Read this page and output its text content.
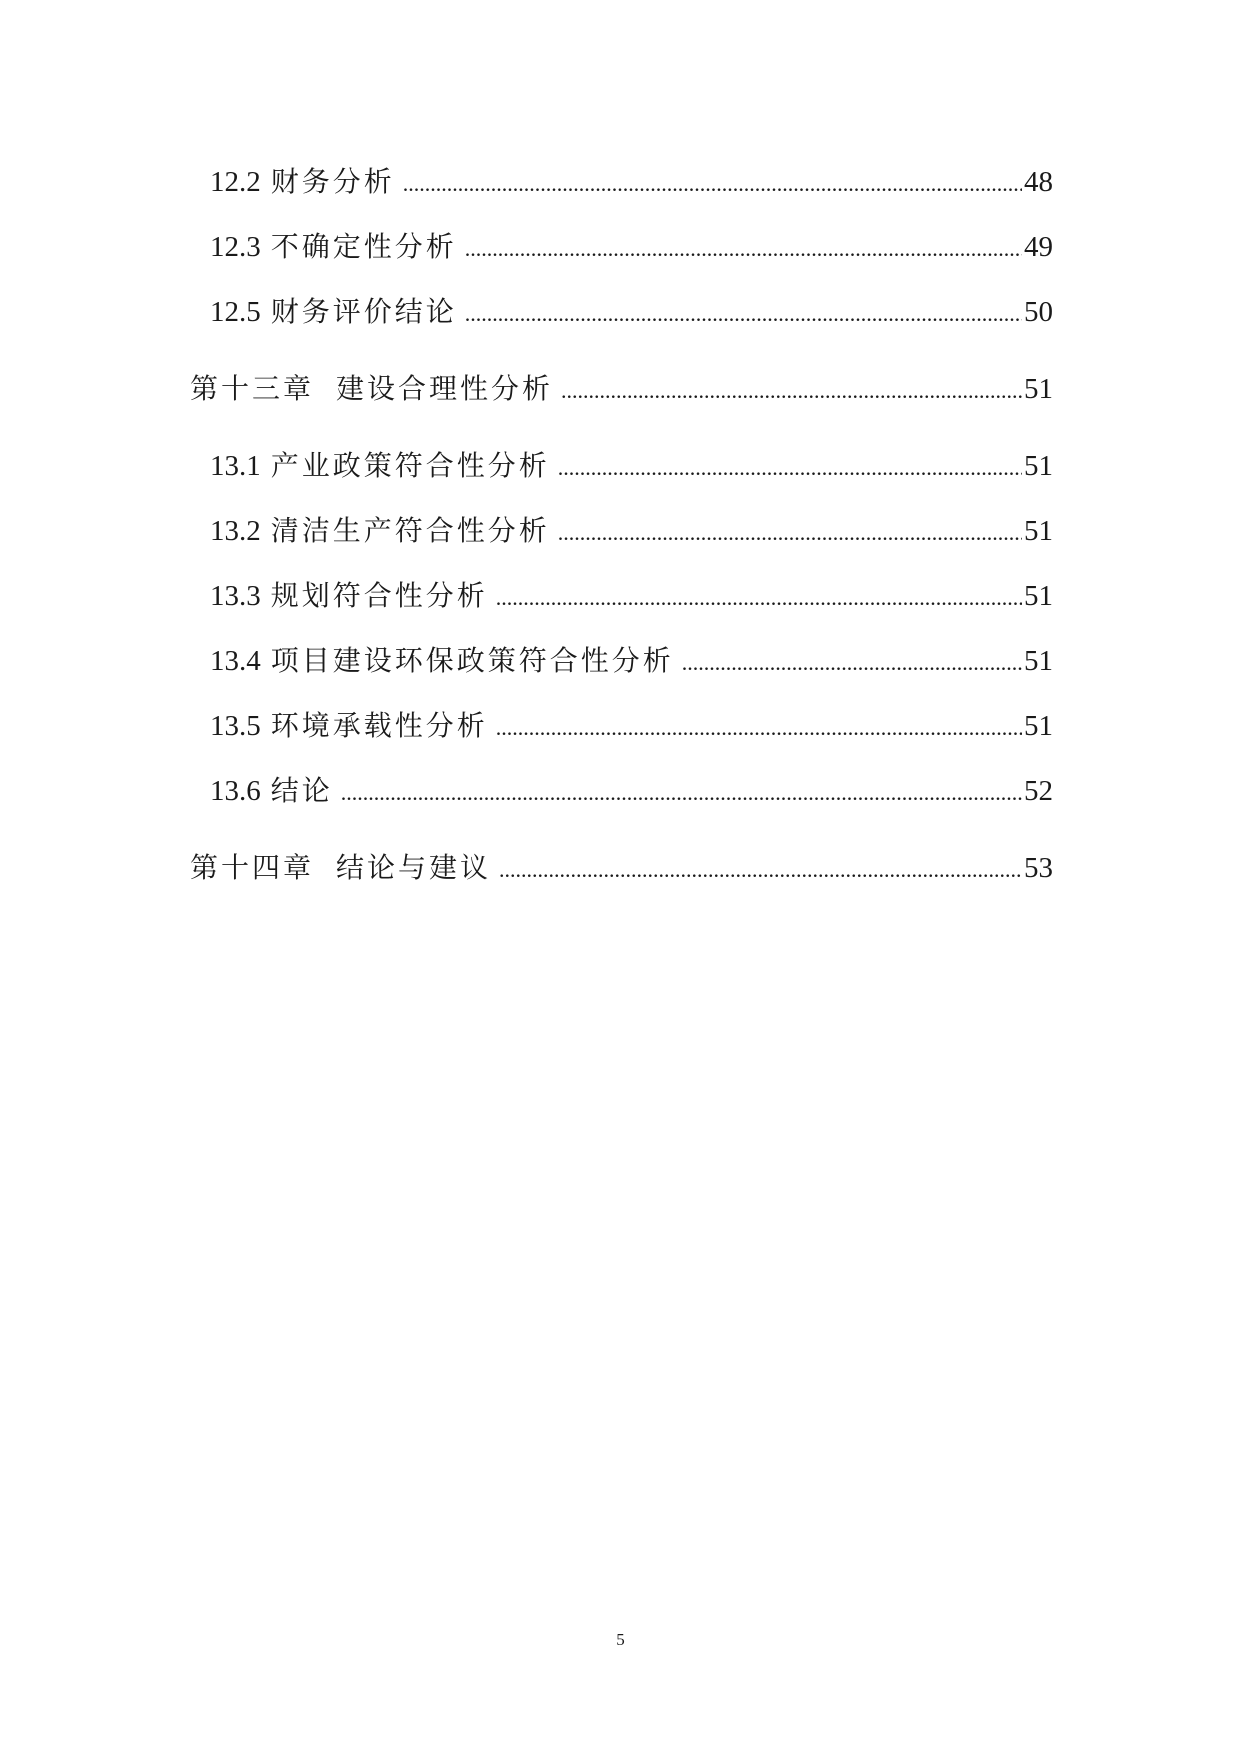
12.2 财务分析 .....	48
12.3 不确定性分析 .....	49
12.5 财务评价结论 .....	50
第十三章 建设合理性分析 .....	51
13.1 产业政策符合性分析 .....	51
13.2 清洁生产符合性分析 .....	51
13.3 规划符合性分析 .....	51
13.4 项目建设环保政策符合性分析 .....	51
13.5 环境承载性分析 .....	51
13.6 结论 .....	52
第十四章 结论与建议 .....	53
5
